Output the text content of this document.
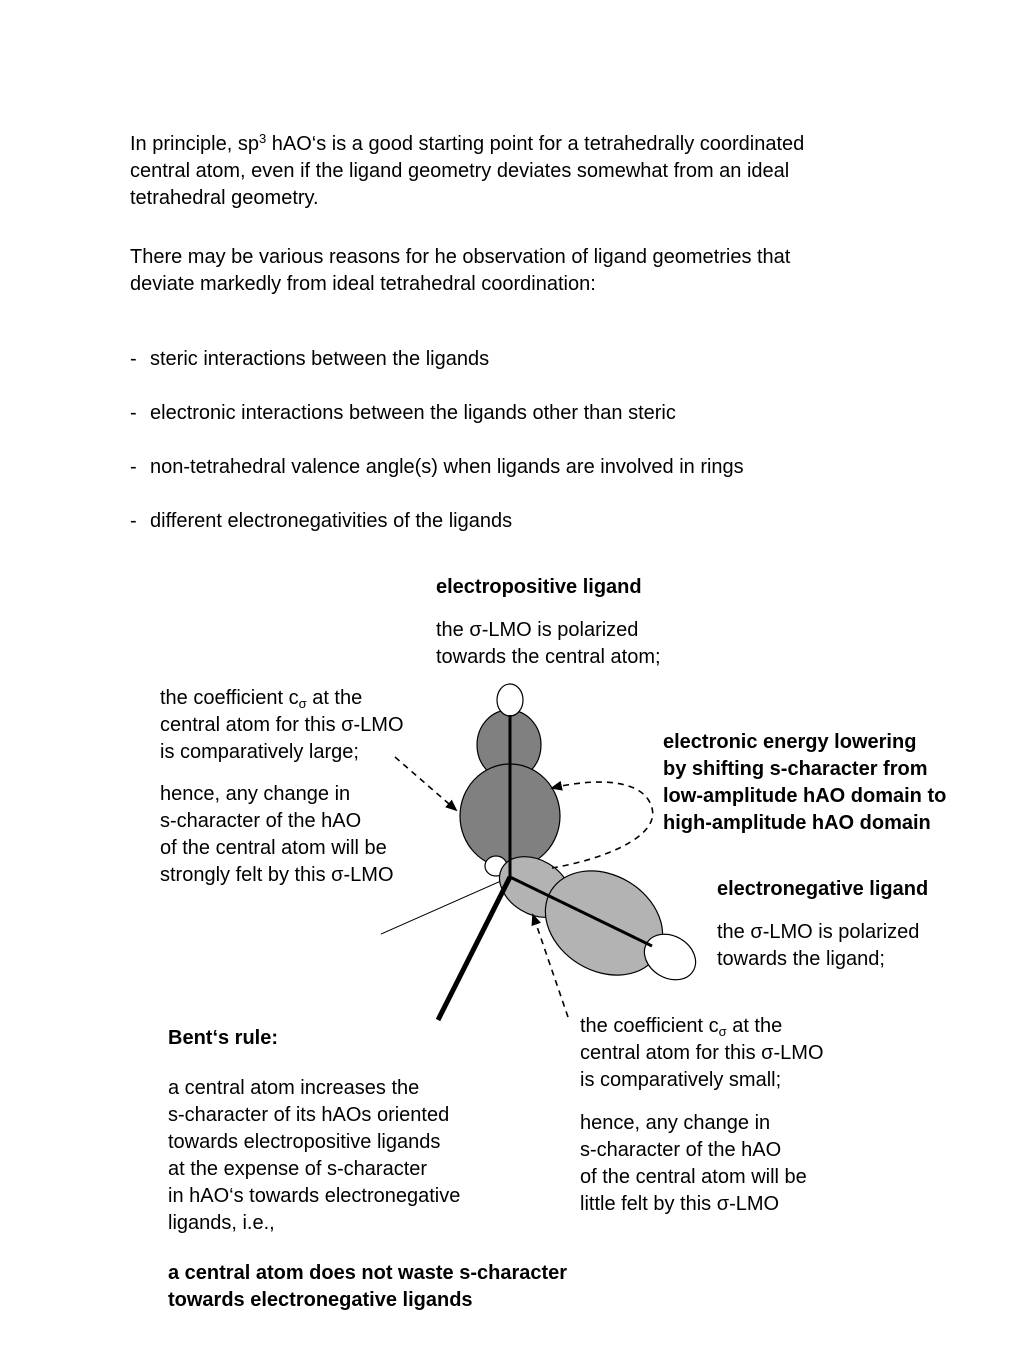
In principle, $sp^3$ hAO‘s is a good starting point for a tetrahedrally coordinated
central atom, even if the ligand geometry deviates somewhat from an ideal
tetrahedral geometry.
There may be various reasons for he observation of ligand geometries that
deviate markedly from ideal tetrahedral coordination:
- steric interactions between the ligands
- electronic interactions between the ligands other than steric
- non-tetrahedral valence angle(s) when ligands are involved in rings
- different electronegativities of the ligands
electropositive ligand
the σ-LMO is polarized
towards the central atom;
the coefficient $c_\sigma$ at the
central atom for this σ-LMO
is comparatively large;
hence, any change in
s-character of the hAO
of the central atom will be
strongly felt by this σ-LMO
electronic energy lowering
by shifting s-character from
low-amplitude hAO domain to
high-amplitude hAO domain
electronegative ligand
the σ-LMO is polarized
towards the ligand;
the coefficient $c_\sigma$ at the
central atom for this σ-LMO
is comparatively small;
hence, any change in
s-character of the hAO
of the central atom will be
little felt by this σ-LMO
Bent‘s rule:
a central atom increases the
s-character of its hAOs oriented
towards electropositive ligands
at the expense of s-character
in hAO‘s towards electronegative
ligands, i.e.,
a central atom does not waste s-character
towards electronegative ligands
